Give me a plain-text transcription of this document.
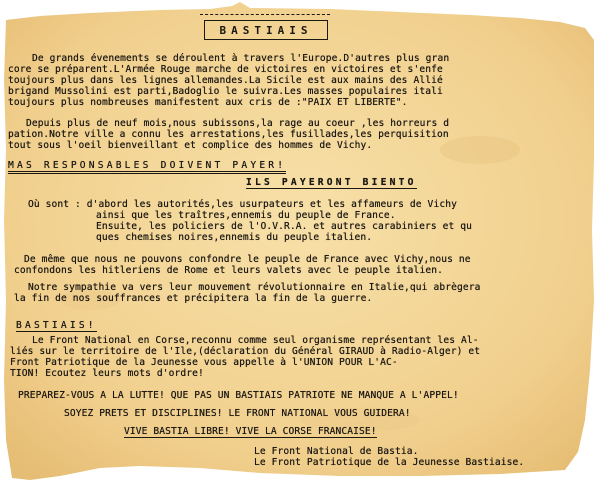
BASTIAIS
De grands évenements se déroulent à travers l'Europe.D'autres plus gran
core se préparent.L'Armée Rouge marche de victoires en victoires et s'enfe
toujours plus dans les lignes allemandes.La Sicile est aux mains des Allié
brigand Mussolini est parti,Badoglio le suivra.Les masses populaires itali
toujours plus nombreuses manifestent aux cris de :"PAIX ET LIBERTE".
Depuis plus de neuf mois,nous subissons,la rage au coeur ,les horreurs d
pation.Notre ville a connu les arrestations,les fusillades,les perquisition
tout sous l'oeil bienveillant et complice des hommes de Vichy.
MAS RESPONSABLES DOIVENT PAYER!
ILS PAYERONT BIENTO
Où sont : d'abord les autorités,les usurpateurs et les affameurs de Vichy
ainsi que les traîtres,ennemis du peuple de France.
Ensuite, les policiers de l'O.V.R.A. et autres carabiniers et qu
ques chemises noires,ennemis du peuple italien.
De même que nous ne pouvons confondre le peuple de France avec Vichy,nous ne
confondons les hitleriens de Rome et leurs valets avec le peuple italien.
Notre sympathie va vers leur mouvement révolutionnaire en Italie,qui abrègera
la fin de nos souffrances et précipitera la fin de la guerre.
BASTIAIS!
Le Front National en Corse,reconnu comme seul organisme représentant les Al-
liés sur le territoire de l'Ile,(déclaration du Général GIRAUD à Radio-Alger) et
Front Patriotique de la Jeunesse vous appelle à l'UNION POUR L'AC-
TION! Ecoutez leurs mots d'ordre!
PREPAREZ-VOUS A LA LUTTE! QUE PAS UN BASTIAIS PATRIOTE NE MANQUE A L'APPEL!
SOYEZ PRETS ET DISCIPLINES! LE FRONT NATIONAL VOUS GUIDERA!
VIVE BASTIA LIBRE! VIVE LA CORSE FRANCAISE!
Le Front National de Bastia.
Le Front Patriotique de la Jeunesse Bastiaise.
